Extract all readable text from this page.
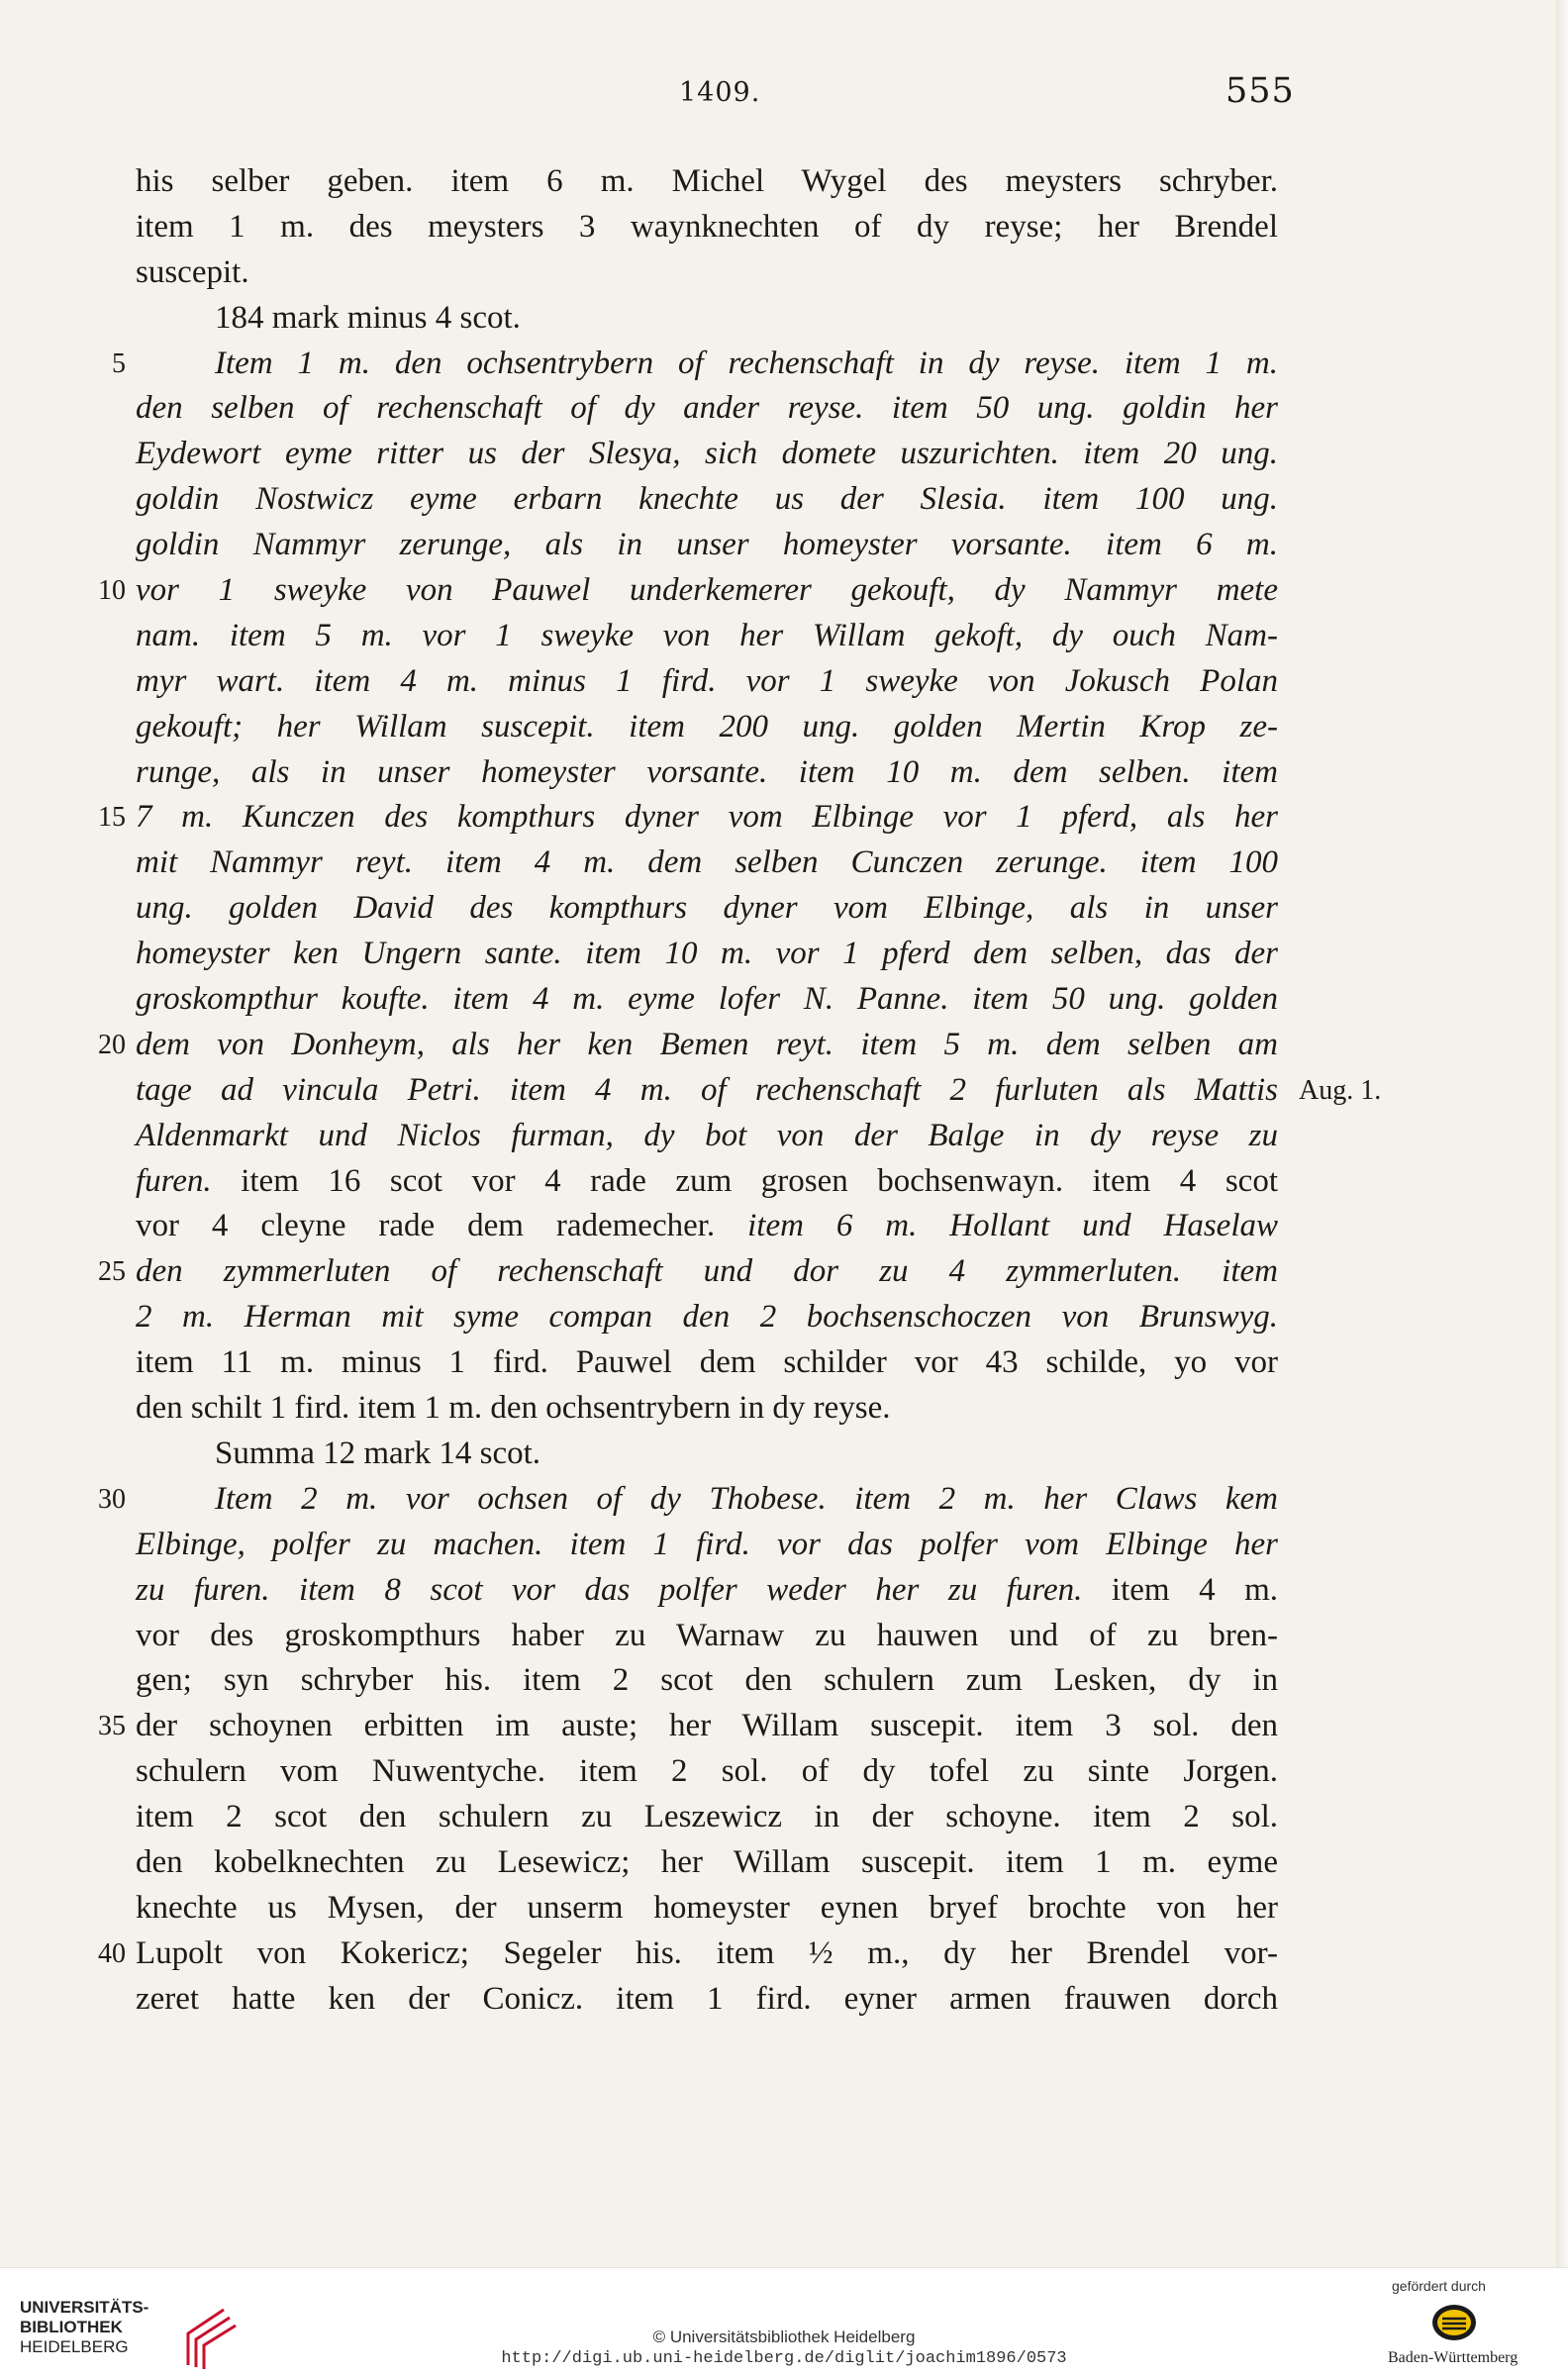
1409.	555
his selber geben. item 6 m. Michel Wygel des meysters schryber.
item 1 m. des meysters 3 waynknechten of dy reyse; her Brendel
suscepit.
184 mark minus 4 scot.
5	Item 1 m. den ochsentrybern of rechenschaft in dy reyse. item 1 m.
den selben of rechenschaft of dy ander reyse. item 50 ung. goldin her
Eydewort eyme ritter us der Slesya, sich domete uszurichten. item 20 ung.
goldin Nostwicz eyme erbarn knechte us der Slesia. item 100 ung.
goldin Nammyr zerunge, als in unser homeyster vorsante. item 6 m.
10 vor 1 sweyke von Pauwel underkemerer gekouft, dy Nammyr mete
nam. item 5 m. vor 1 sweyke von her Willam gekoft, dy ouch Nam-
myr wart. item 4 m. minus 1 fird. vor 1 sweyke von Jokusch Polan
gekouft; her Willam suscepit. item 200 ung. golden Mertin Krop ze-
runge, als in unser homeyster vorsante. item 10 m. dem selben. item
15 7 m. Kunczen des kompthurs dyner vom Elbinge vor 1 pferd, als her
mit Nammyr reyt. item 4 m. dem selben Cunczen zerunge. item 100
ung. golden David des kompthurs dyner vom Elbinge, als in unser
homeyster ken Ungern sante. item 10 m. vor 1 pferd dem selben, das der
groskompthur koufte. item 4 m. eyme lofer N. Panne. item 50 ung. golden
20 dem von Donheym, als her ken Bemen reyt. item 5 m. dem selben am
tage ad vincula Petri. item 4 m. of rechenschaft 2 furluten als Mattis Aug. 1.
Aldenmarkt und Niclos furman, dy bot von der Balge in dy reyse zu
furen. item 16 scot vor 4 rade zum grosen bochsenwayn. item 4 scot
vor 4 cleyne rade dem rademecher. item 6 m. Hollant und Haselaw
25 den zymmerluten of rechenschaft und dor zu 4 zymmerluten. item
2 m. Herman mit syme compan den 2 bochsenschoczen von Brunswyg.
item 11 m. minus 1 fird. Pauwel dem schilder vor 43 schilde, yo vor
den schilt 1 fird. item 1 m. den ochsentrybern in dy reyse.
Summa 12 mark 14 scot.
30	Item 2 m. vor ochsen of dy Thobese. item 2 m. her Claws kem
Elbinge, polfer zu machen. item 1 fird. vor das polfer vom Elbinge her
zu furen. item 8 scot vor das polfer weder her zu furen. item 4 m.
vor des groskompthurs haber zu Warnaw zu hauwen und of zu bren-
gen; syn schryber his. item 2 scot den schulern zum Lesken, dy in
35 der schoynen erbitten im auste; her Willam suscepit. item 3 sol. den
schulern vom Nuwentyche. item 2 sol. of dy tofel zu sinte Jorgen.
item 2 scot den schulern zu Leszewicz in der schoyne. item 2 sol.
den kobelknechten zu Lesewicz; her Willam suscepit. item 1 m. eyme
knechte us Mysen, der unserm homeyster eynen bryef brochte von her
40 Lupolt von Kokericz; Segeler his. item ½ m., dy her Brendel vor-
zeret hatte ken der Conicz. item 1 fird. eyner armen frauwen dorch
UNIVERSITÄTS-
BIBLIOTHEK
HEIDELBERG
© Universitätsbibliothek Heidelberg
http://digi.ub.uni-heidelberg.de/diglit/joachim1896/0573
gefördert durch
Baden-Württemberg
